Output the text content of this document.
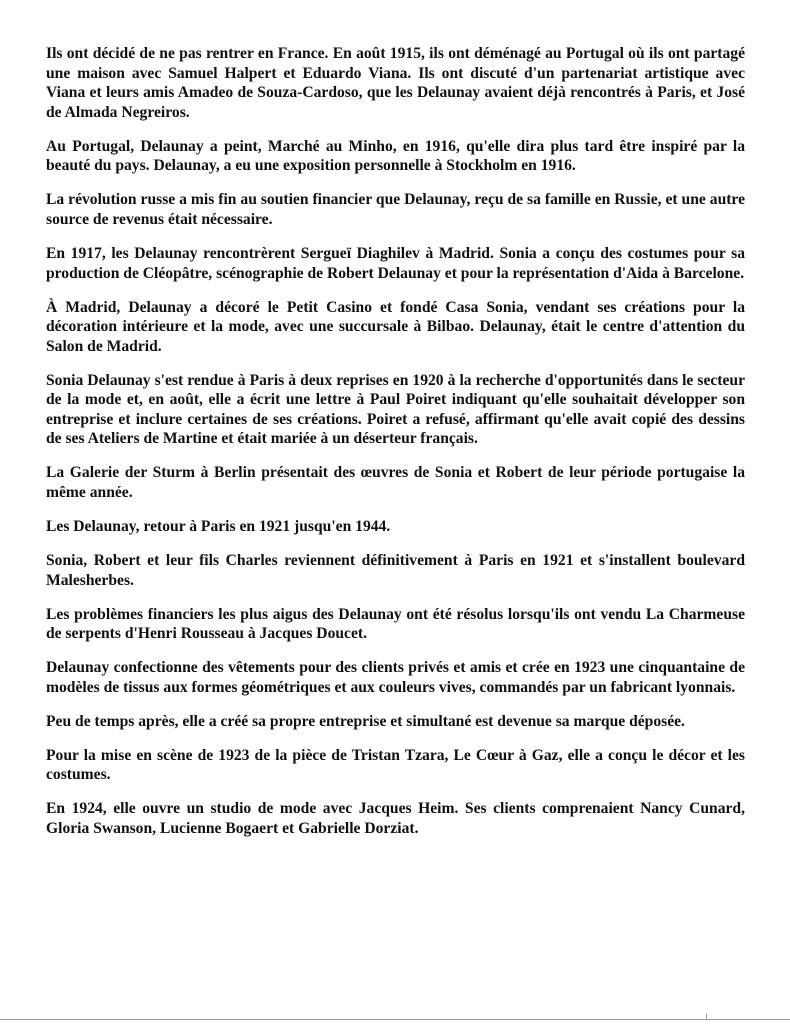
Ils ont décidé de ne pas rentrer en France. En août 1915, ils ont déménagé au Portugal où ils ont partagé une maison avec Samuel Halpert et Eduardo Viana. Ils ont discuté d'un partenariat artistique avec Viana et leurs amis Amadeo de Souza-Cardoso, que les Delaunay avaient déjà rencontrés à Paris, et José de Almada Negreiros.

Au Portugal, Delaunay a peint, Marché au Minho, en 1916, qu'elle dira plus tard être inspiré par la beauté du pays. Delaunay, a eu une exposition personnelle à Stockholm en 1916.

La révolution russe a mis fin au soutien financier que Delaunay, reçu de sa famille en Russie, et une autre source de revenus était nécessaire.

En 1917, les Delaunay rencontrèrent Sergueï Diaghilev à Madrid. Sonia a conçu des costumes pour sa production de Cléopâtre, scénographie de Robert Delaunay et pour la représentation d'Aida à Barcelone.

À Madrid, Delaunay a décoré le Petit Casino et fondé Casa Sonia, vendant ses créations pour la décoration intérieure et la mode, avec une succursale à Bilbao. Delaunay, était le centre d'attention du Salon de Madrid.

Sonia Delaunay s'est rendue à Paris à deux reprises en 1920 à la recherche d'opportunités dans le secteur de la mode et, en août, elle a écrit une lettre à Paul Poiret indiquant qu'elle souhaitait développer son entreprise et inclure certaines de ses créations. Poiret a refusé, affirmant qu'elle avait copié des dessins de ses Ateliers de Martine et était mariée à un déserteur français.

La Galerie der Sturm à Berlin présentait des œuvres de Sonia et Robert de leur période portugaise la même année.

Les Delaunay, retour à Paris en 1921 jusqu'en 1944.

Sonia, Robert et leur fils Charles reviennent définitivement à Paris en 1921 et s'installent boulevard Malesherbes.

Les problèmes financiers les plus aigus des Delaunay ont été résolus lorsqu'ils ont vendu La Charmeuse de serpents d'Henri Rousseau à Jacques Doucet.

Delaunay confectionne des vêtements pour des clients privés et amis et crée en 1923 une cinquantaine de modèles de tissus aux formes géométriques et aux couleurs vives, commandés par un fabricant lyonnais.

Peu de temps après, elle a créé sa propre entreprise et simultané est devenue sa marque déposée.

Pour la mise en scène de 1923 de la pièce de Tristan Tzara, Le Cœur à Gaz, elle a conçu le décor et les costumes.

En 1924, elle ouvre un studio de mode avec Jacques Heim. Ses clients comprenaient Nancy Cunard, Gloria Swanson, Lucienne Bogaert et Gabrielle Dorziat.
